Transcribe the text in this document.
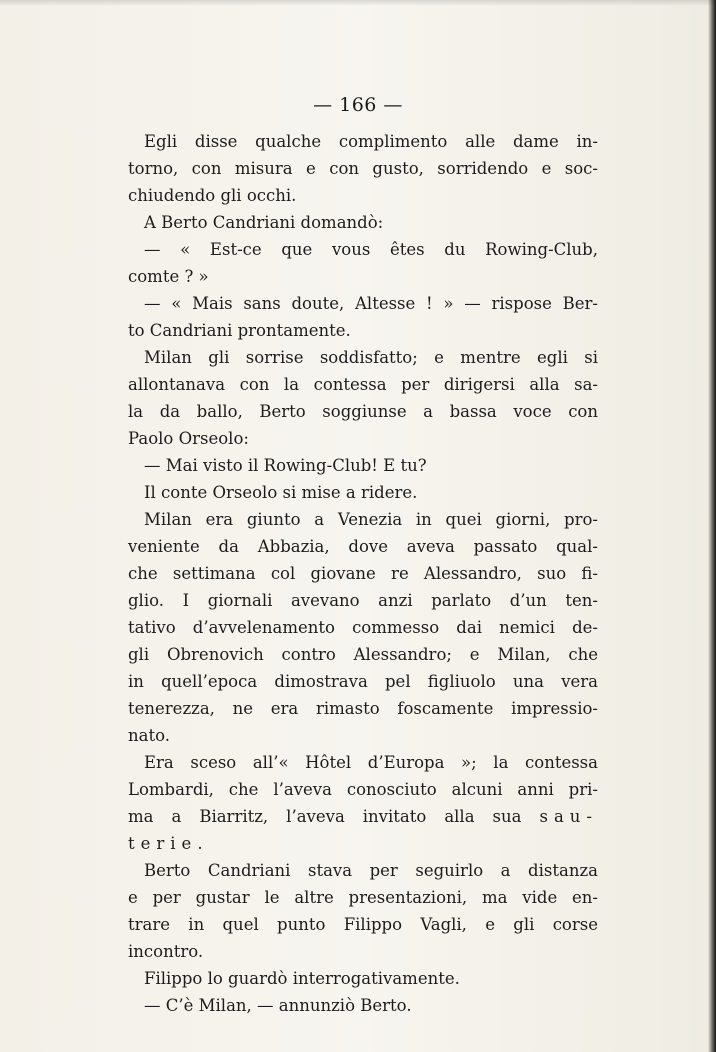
— 166 —
Egli disse qualche complimento alle dame in-
torno, con misura e con gusto, sorridendo e soc-
chiudendo gli occhi.
A Berto Candriani domandò:
— « Est-ce que vous êtes du Rowing-Club,
comte ? »
— « Mais sans doute, Altesse ! » — rispose Ber-
to Candriani prontamente.
Milan gli sorrise soddisfatto; e mentre egli si
allontanava con la contessa per dirigersi alla sa-
la da ballo, Berto soggiunse a bassa voce con
Paolo Orseolo:
— Mai visto il Rowing-Club! E tu?
Il conte Orseolo si mise a ridere.
Milan era giunto a Venezia in quei giorni, pro-
veniente da Abbazia, dove aveva passato qual-
che settimana col giovane re Alessandro, suo fi-
glio. I giornali avevano anzi parlato d’un ten-
tativo d’avvelenamento commesso dai nemici de-
gli Obrenovich contro Alessandro; e Milan, che
in quell’epoca dimostrava pel figliuolo una vera
tenerezza, ne era rimasto foscamente impressio-
nato.
Era sceso all’« Hôtel d’Europa »; la contessa
Lombardi, che l’aveva conosciuto alcuni anni pri-
ma a Biarritz, l’aveva invitato alla sua sau-
terie.
Berto Candriani stava per seguirlo a distanza
e per gustar le altre presentazioni, ma vide en-
trare in quel punto Filippo Vagli, e gli corse
incontro.
Filippo lo guardò interrogativamente.
— C’è Milan, — annunziò Berto.
